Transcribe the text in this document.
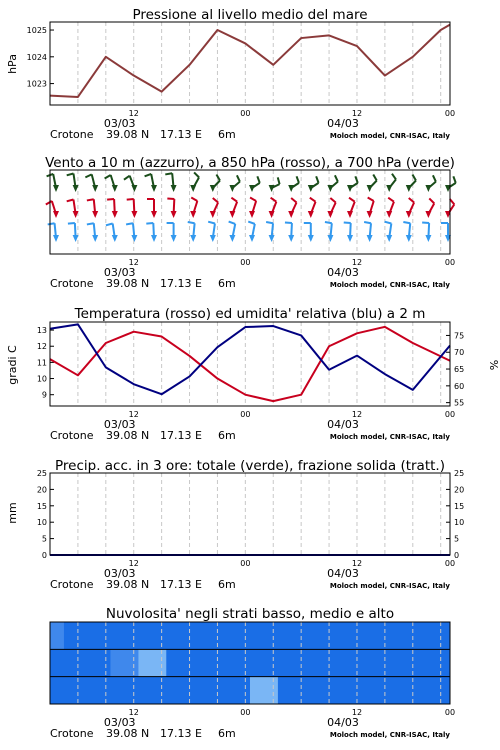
Pressione al livello medio del mare
hPa
1023
1024
1025
12	00	12	00
03/03	04/03
Crotone 39.08 N 17.13 E 6m	Moloch model, CNR-ISAC, Italy
Vento a 10 m (azzurro), a 850 hPa (rosso), a 700 hPa (verde)
12	00	12	00
03/03	04/03
Crotone 39.08 N 17.13 E 6m	Moloch model, CNR-ISAC, Italy
Temperatura (rosso) ed umidita' relativa (blu) a 2 m
gradi C	%
9
10
11
12
13
55
60
65
70
75
12	00	12	00
03/03	04/03
Crotone 39.08 N 17.13 E 6m	Moloch model, CNR-ISAC, Italy
Precip. acc. in 3 ore: totale (verde), frazione solida (tratt.)
mm
0
5
10
15
20
25
0
5
10
15
20
25
12	00	12	00
03/03	04/03
Crotone 39.08 N 17.13 E 6m	Moloch model, CNR-ISAC, Italy
Nuvolosita' negli strati basso, medio e alto
12	00	12	00
03/03	04/03
Crotone 39.08 N 17.13 E 6m	Moloch model, CNR-ISAC, Italy
